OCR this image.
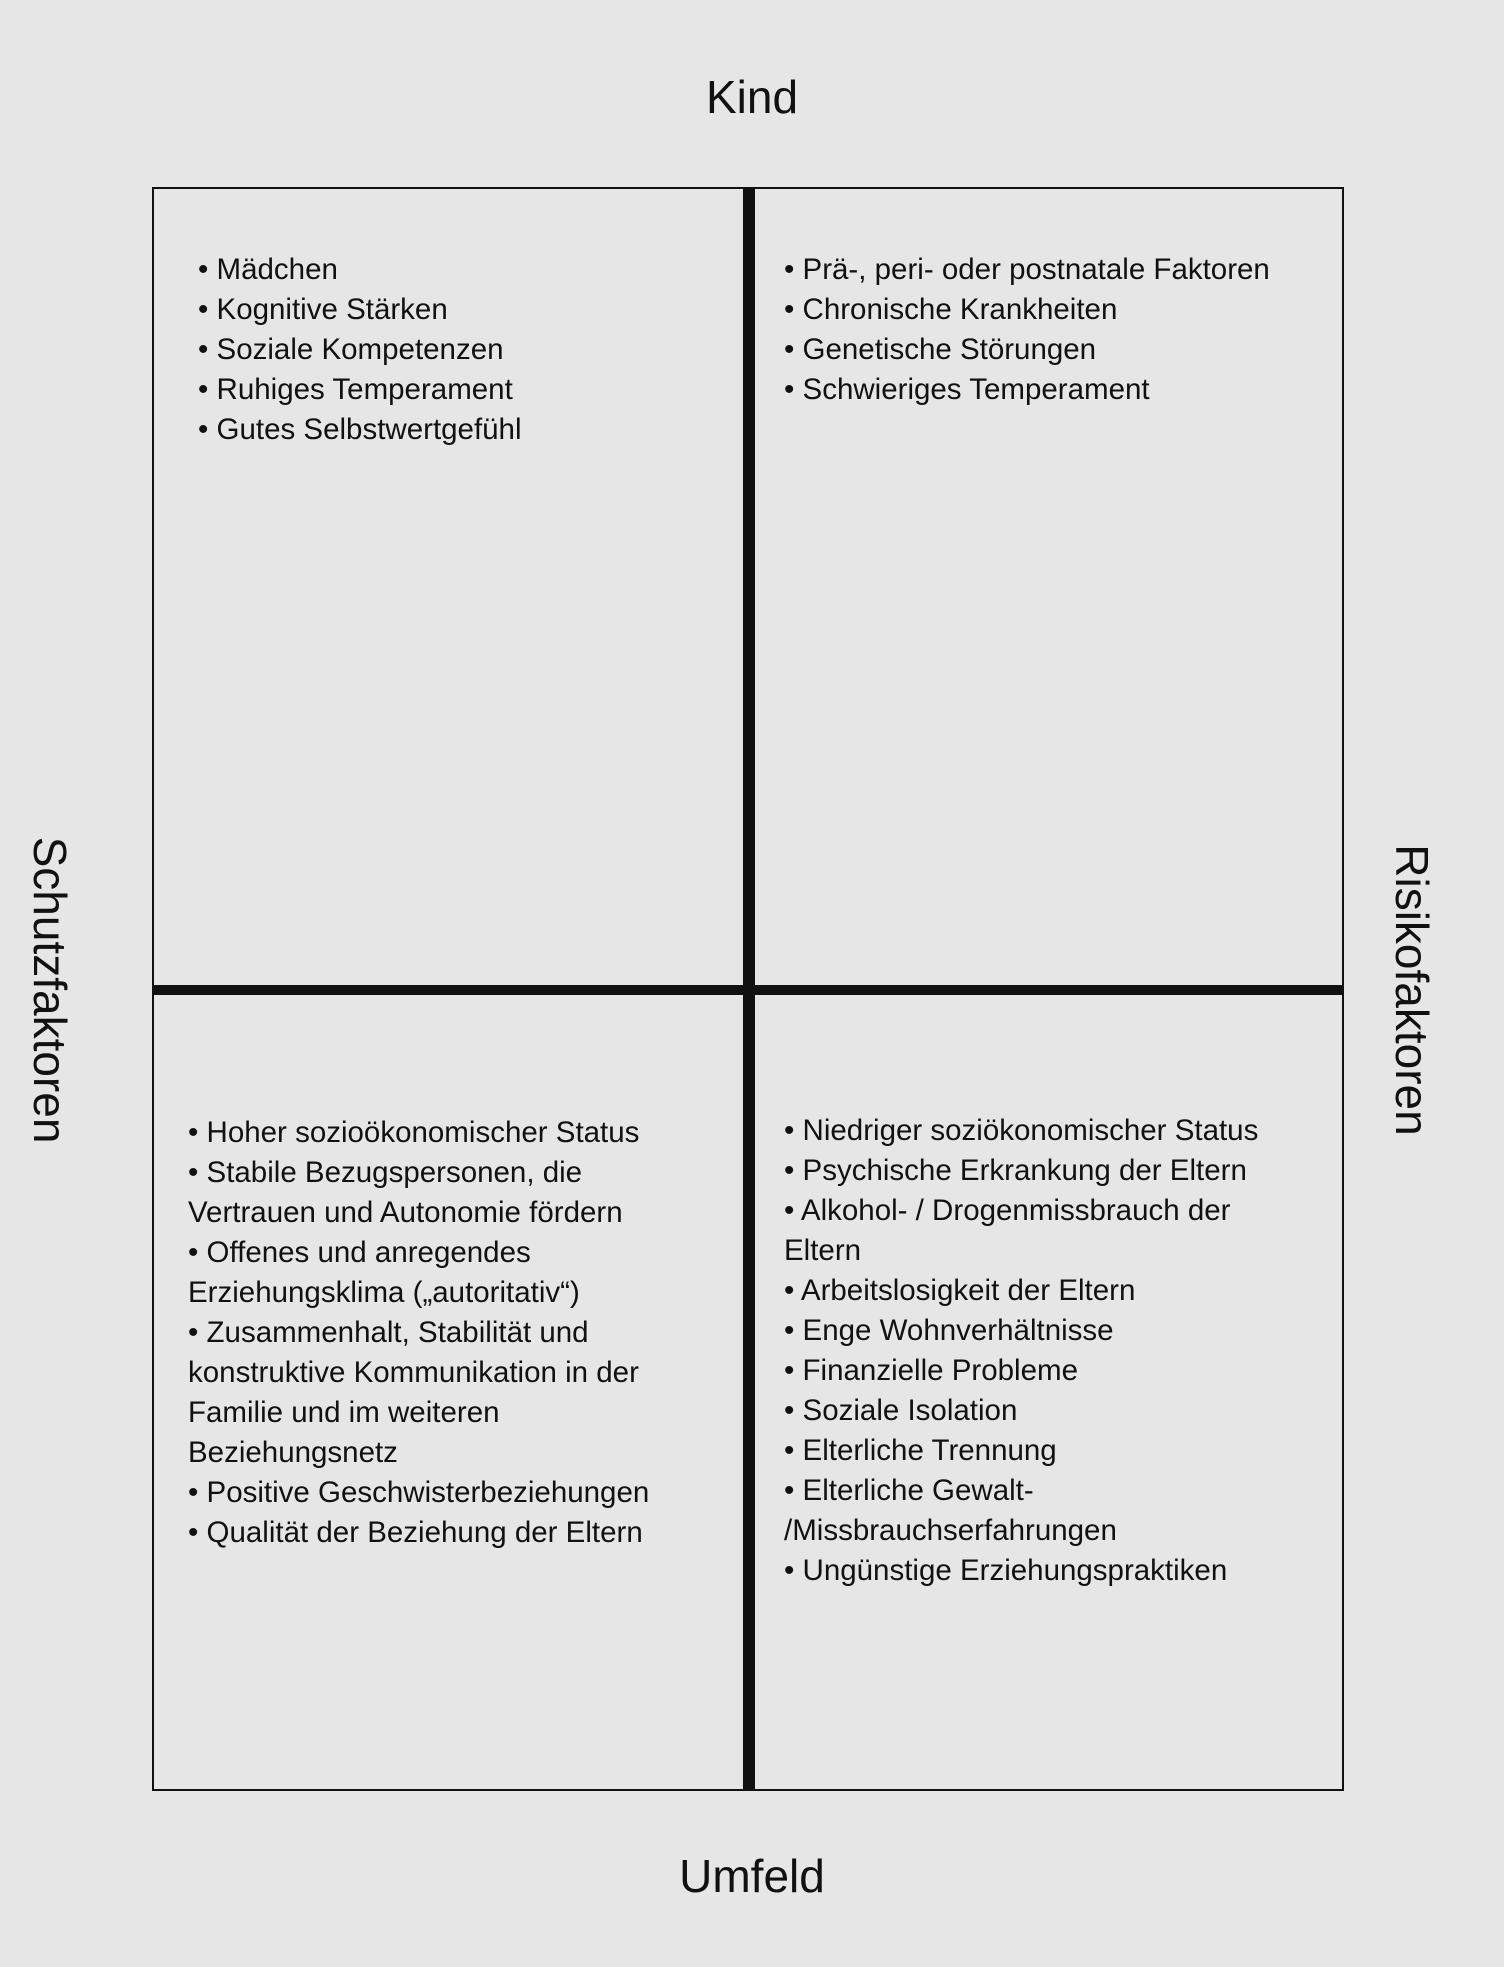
Kind
Umfeld
Schutzfaktoren	Risikofaktoren
• Mädchen
• Kognitive Stärken
• Soziale Kompetenzen
• Ruhiges Temperament
• Gutes Selbstwertgefühl
• Prä-, peri- oder postnatale Faktoren
• Chronische Krankheiten
• Genetische Störungen
• Schwieriges Temperament
• Hoher sozioökonomischer Status
• Stabile Bezugspersonen, die
Vertrauen und Autonomie fördern
• Offenes und anregendes
Erziehungsklima („autoritativ“)
• Zusammenhalt, Stabilität und
konstruktive Kommunikation in der
Familie und im weiteren
Beziehungsnetz
• Positive Geschwisterbeziehungen
• Qualität der Beziehung der Eltern
• Niedriger soziökonomischer Status
• Psychische Erkrankung der Eltern
• Alkohol- / Drogenmissbrauch der
Eltern
• Arbeitslosigkeit der Eltern
• Enge Wohnverhältnisse
• Finanzielle Probleme
• Soziale Isolation
• Elterliche Trennung
• Elterliche Gewalt-
/Missbrauchserfahrungen
• Ungünstige Erziehungspraktiken
